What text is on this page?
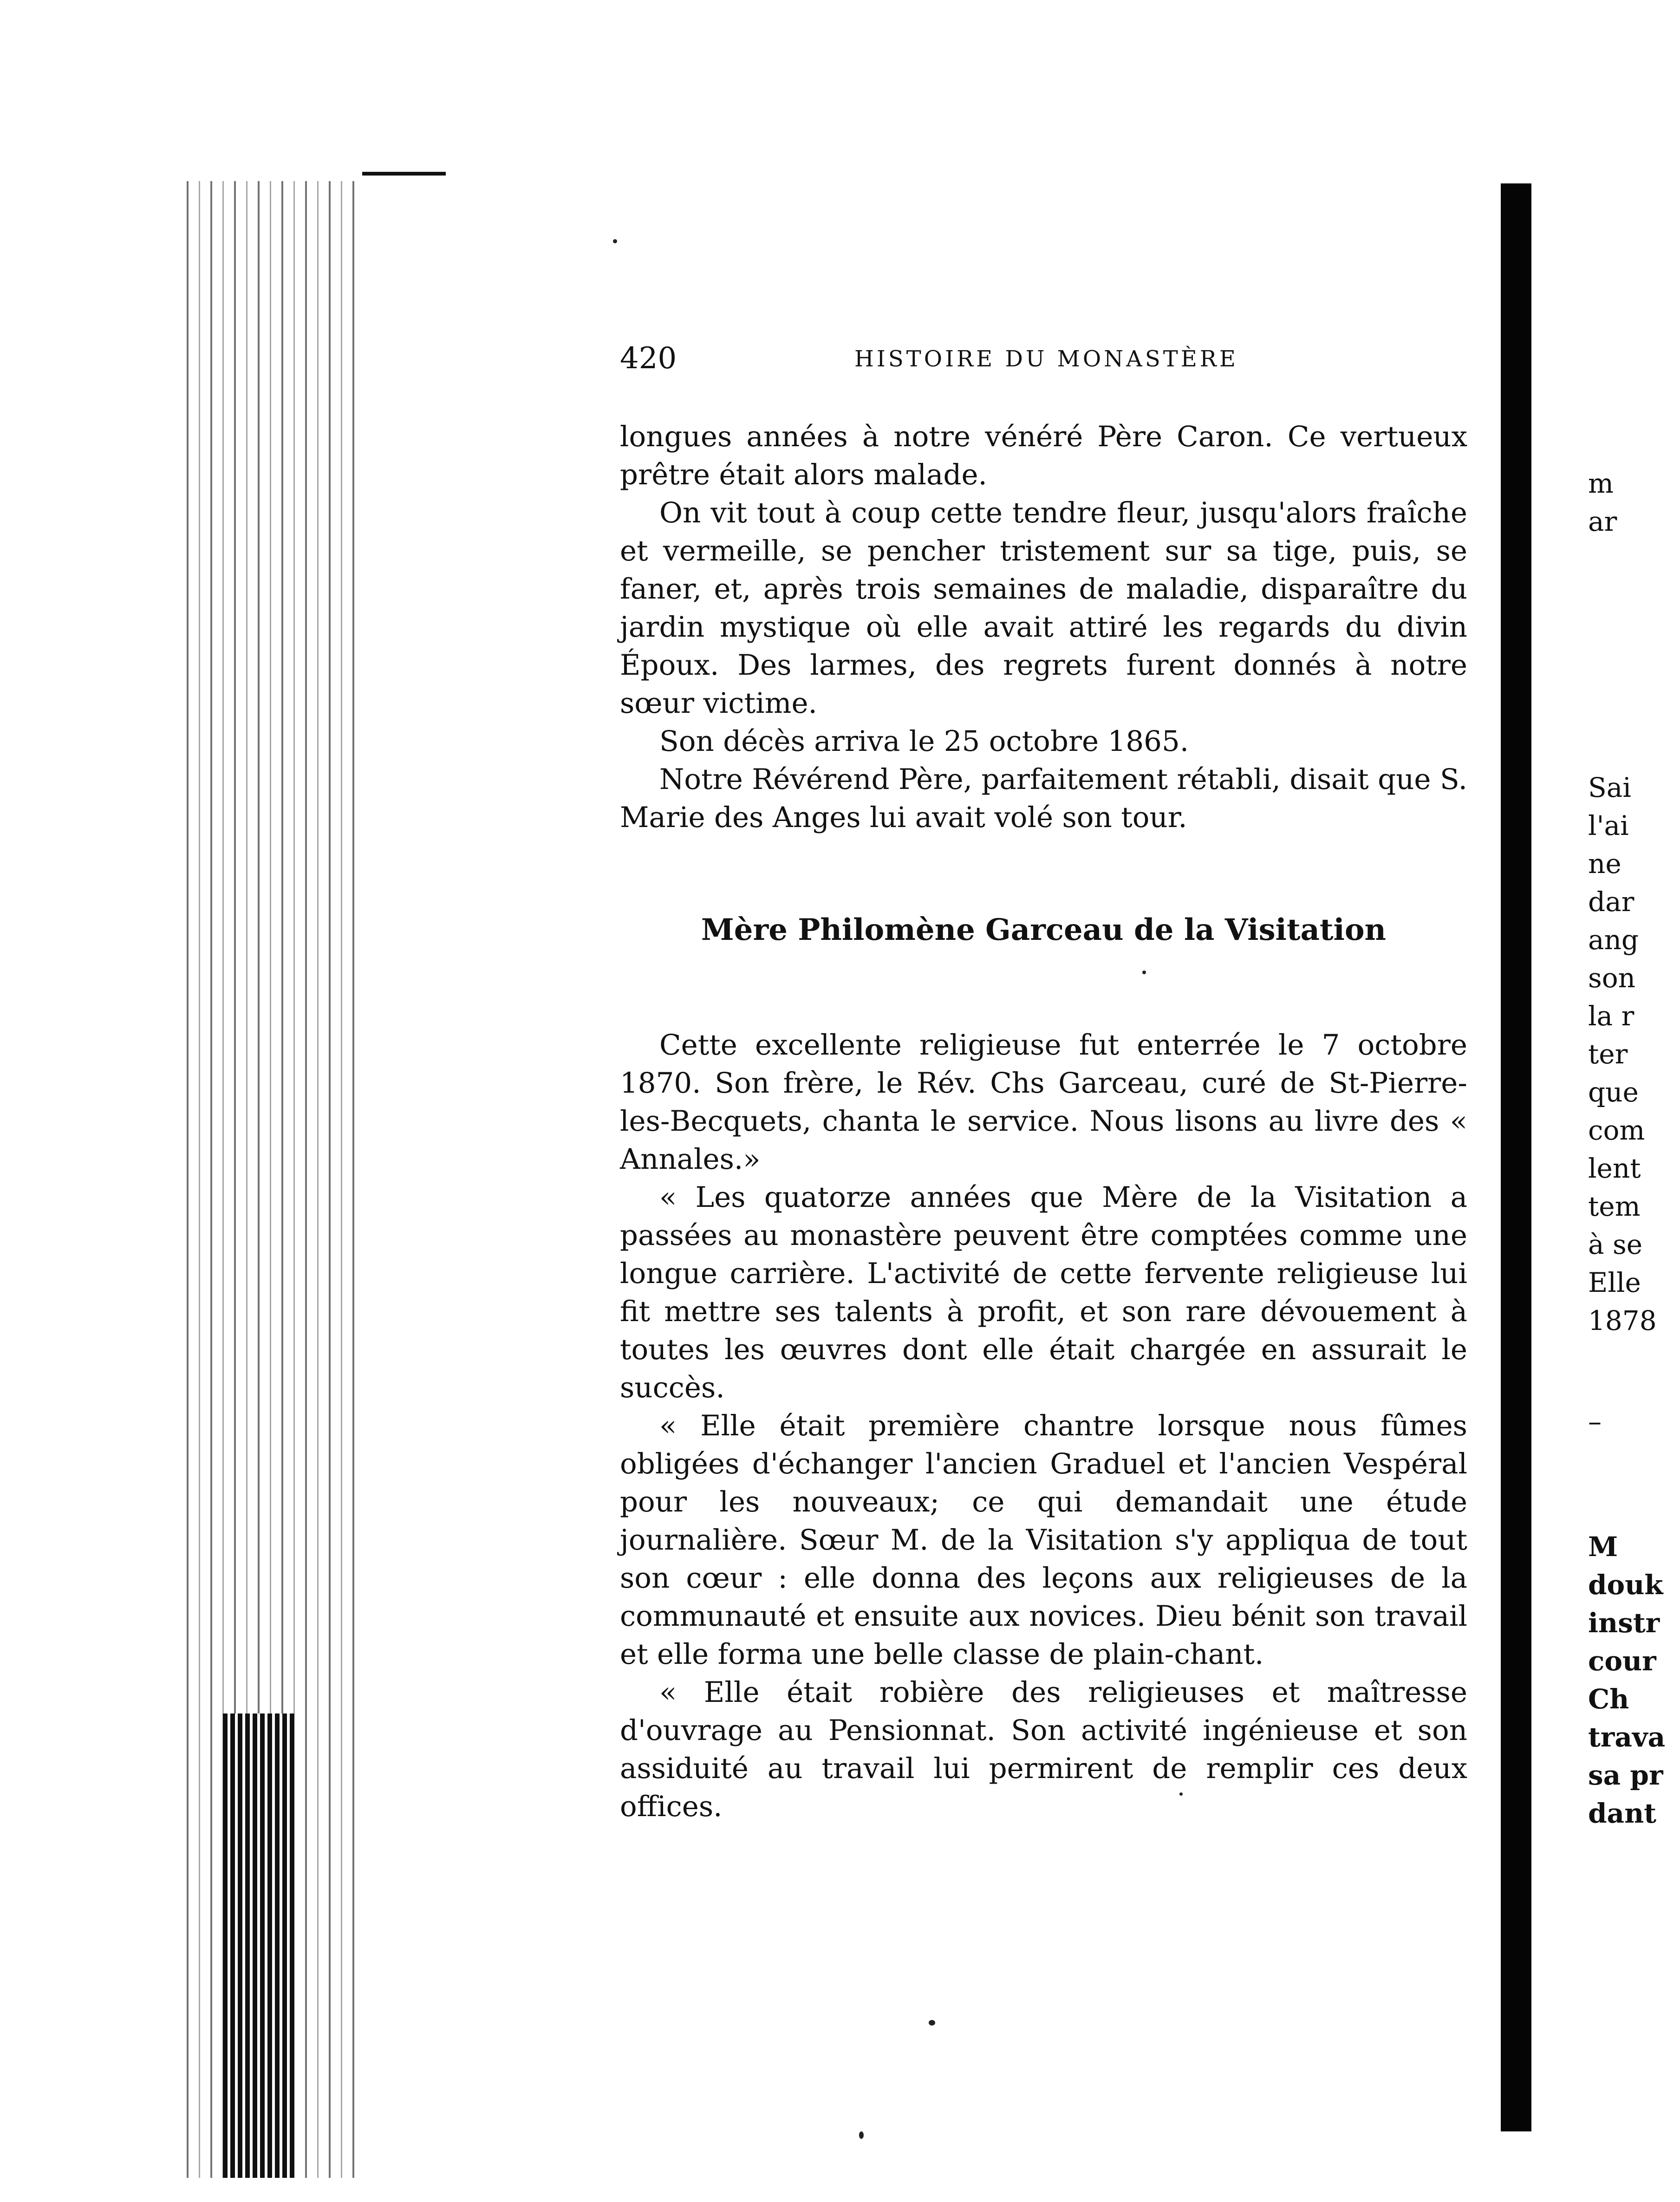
420	HISTOIRE DU MONASTÈRE

longues années à notre vénéré Père Caron. Ce vertueux prêtre était alors malade.

On vit tout à coup cette tendre fleur, jusqu'alors fraîche et vermeille, se pencher tristement sur sa tige, puis, se faner, et, après trois semaines de maladie, disparaître du jardin mystique où elle avait attiré les regards du divin Époux. Des larmes, des regrets furent donnés à notre sœur victime.

Son décès arriva le 25 octobre 1865.

Notre Révérend Père, parfaitement rétabli, disait que S. Marie des Anges lui avait volé son tour.

Mère Philomène Garceau de la Visitation

Cette excellente religieuse fut enterrée le 7 octobre 1870. Son frère, le Rév. Chs Garceau, curé de St-Pierre-les-Becquets, chanta le service. Nous lisons au livre des « Annales.»

« Les quatorze années que Mère de la Visitation a passées au monastère peuvent être comptées comme une longue carrière. L'activité de cette fervente religieuse lui fit mettre ses talents à profit, et son rare dévouement à toutes les œuvres dont elle était chargée en assurait le succès.

« Elle était première chantre lorsque nous fûmes obligées d'échanger l'ancien Graduel et l'ancien Vespéral pour les nouveaux; ce qui demandait une étude journalière. Sœur M. de la Visitation s'y appliqua de tout son cœur : elle donna des leçons aux religieuses de la communauté et ensuite aux novices. Dieu bénit son travail et elle forma une belle classe de plain-chant.

« Elle était robière des religieuses et maîtresse d'ouvrage au Pensionnat. Son activité ingénieuse et son assiduité au travail lui permirent de remplir ces deux offices.

m
ar
Sai
l'ai
ne
dar
ang
son
la r
ter
que
com
lent
tem
à se
Elle
1878
–
M
douk
instr
cour
Ch
trava
sa pr
dant
